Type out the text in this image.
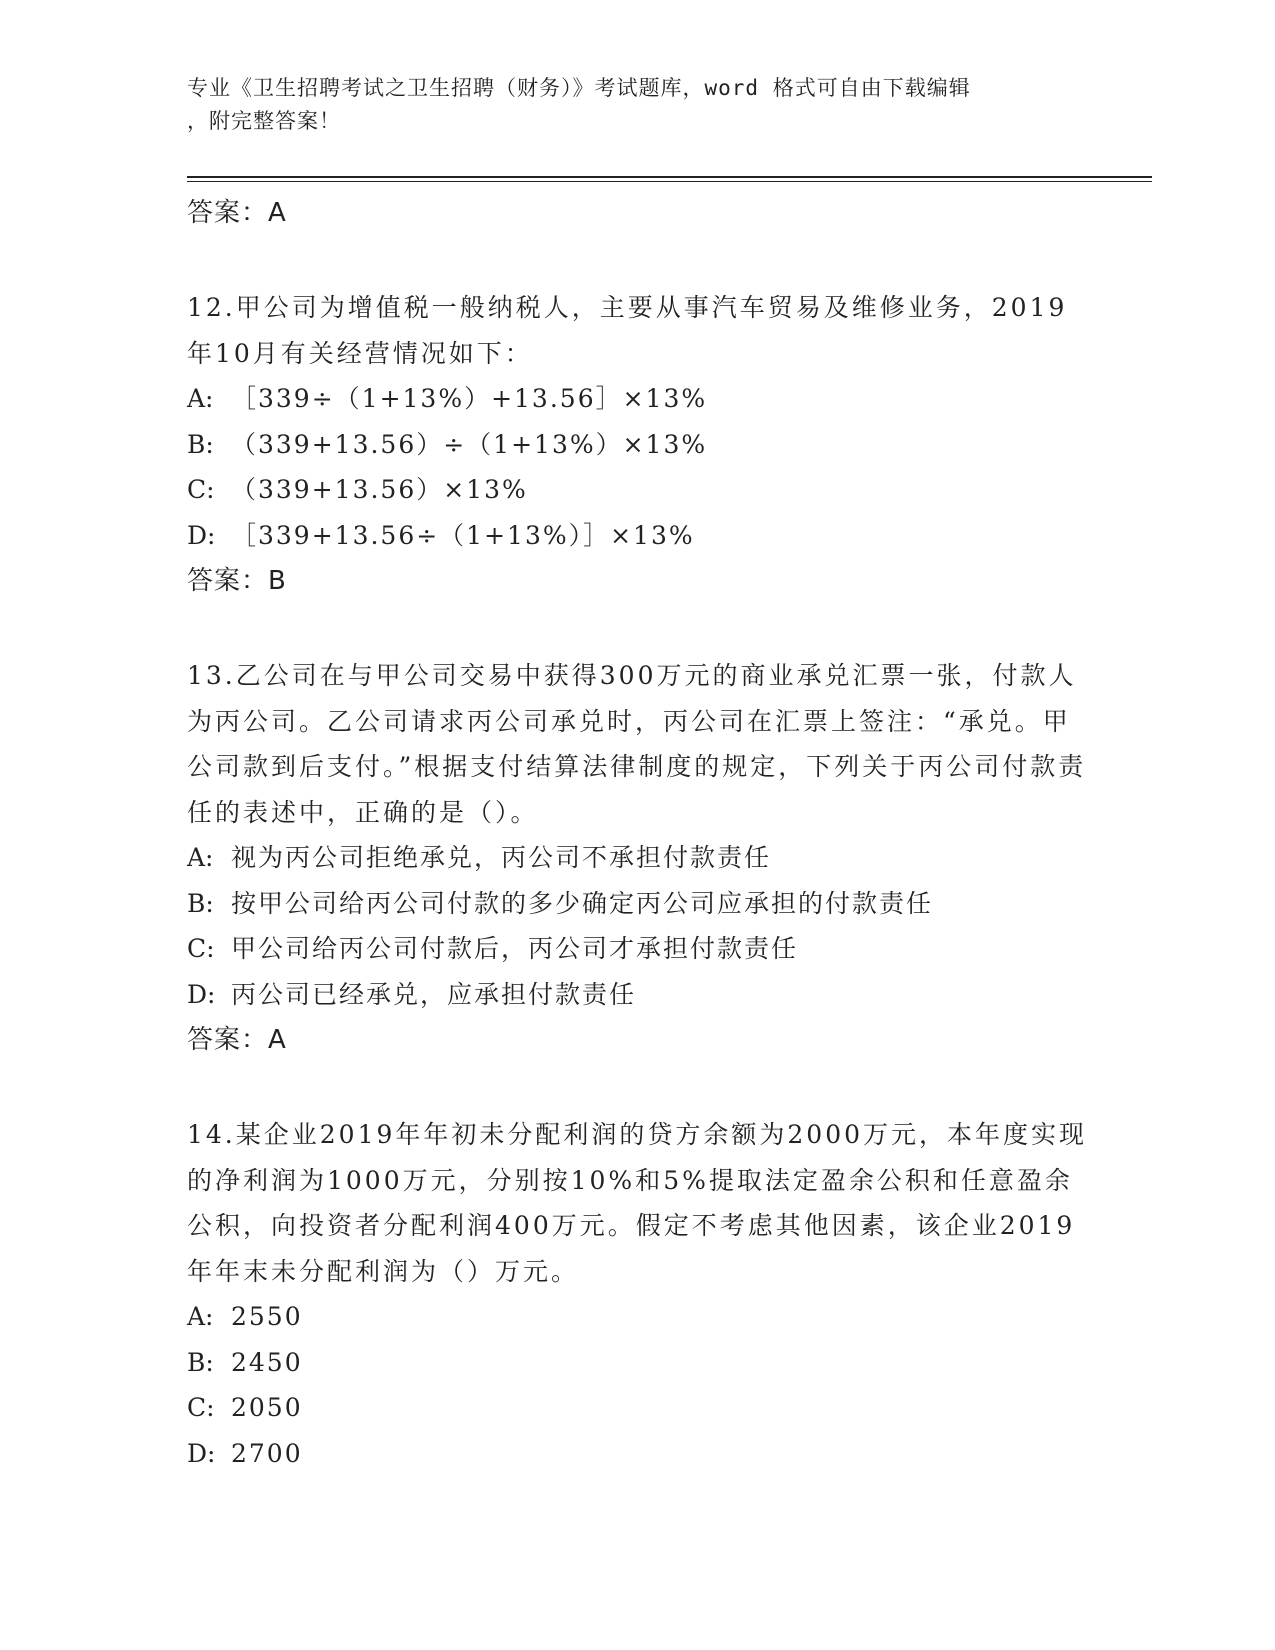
专业《卫生招聘考试之卫生招聘（财务）》考试题库，word 格式可自由下载编辑
，附完整答案！
答案：A
12.甲公司为增值税一般纳税人，主要从事汽车贸易及维修业务，2019年10月有关经营情况如下：
A: ［339÷（1+13%）+13.56］×13%
B: （339+13.56）÷（1+13%）×13%
C: （339+13.56）×13%
D: ［339+13.56÷（1+13%）］×13%
答案：B
13.乙公司在与甲公司交易中获得300万元的商业承兑汇票一张，付款人为丙公司。乙公司请求丙公司承兑时，丙公司在汇票上签注：“承兑。甲公司款到后支付。”根据支付结算法律制度的规定，下列关于丙公司付款责任的表述中，正确的是（）。
A: 视为丙公司拒绝承兑，丙公司不承担付款责任
B: 按甲公司给丙公司付款的多少确定丙公司应承担的付款责任
C: 甲公司给丙公司付款后，丙公司才承担付款责任
D: 丙公司已经承兑，应承担付款责任
答案：A
14.某企业2019年年初未分配利润的贷方余额为2000万元，本年度实现的净利润为1000万元，分别按10%和5%提取法定盈余公积和任意盈余公积，向投资者分配利润400万元。假定不考虑其他因素，该企业2019年年末未分配利润为（）万元。
A: 2550
B: 2450
C: 2050
D: 2700
